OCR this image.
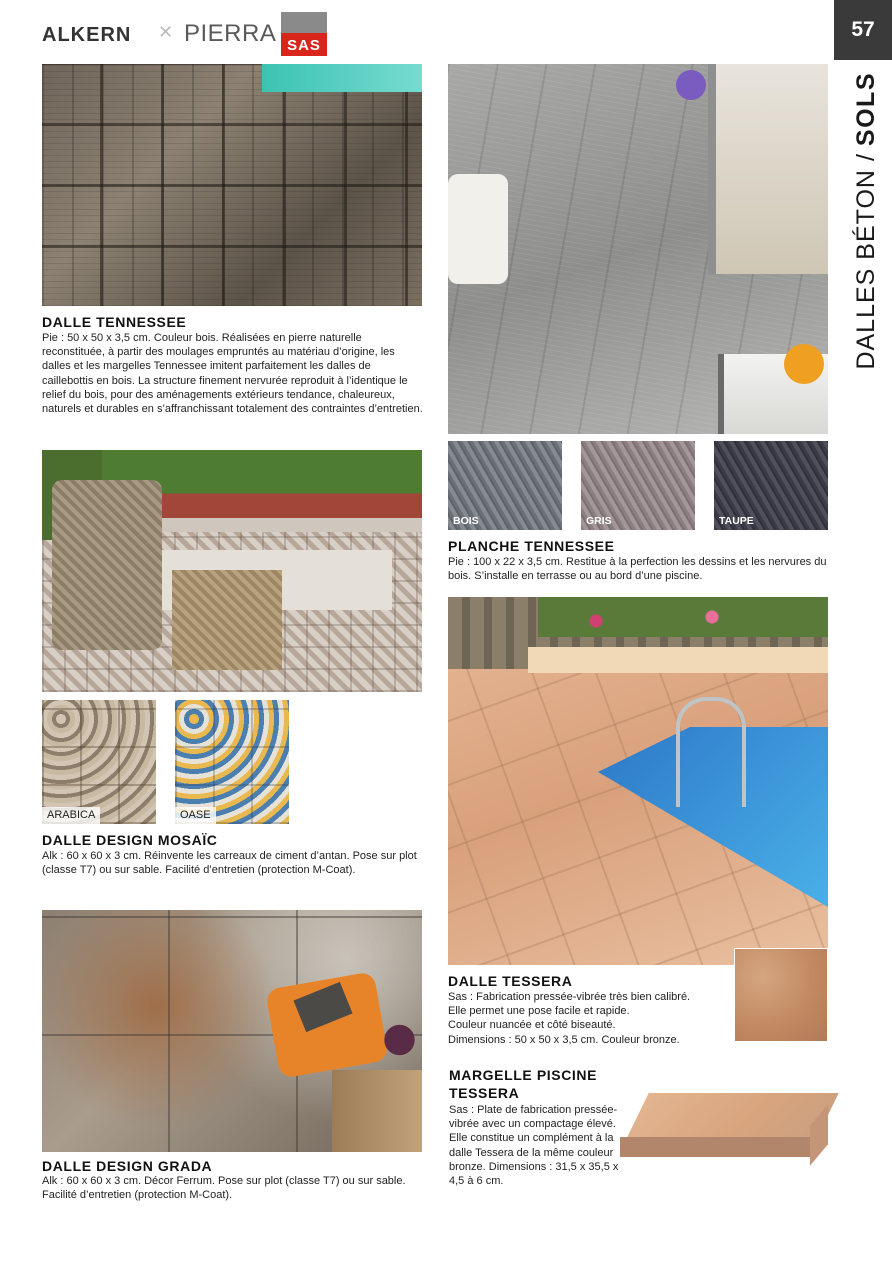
ALKERN ✕ PIERRA SAS
57
DALLES BÉTON
/
SOLS
DALLE TENNESSEE
Pie : 50 x 50 x 3,5 cm. Couleur bois. Réalisées en pierre naturelle reconstituée, à partir des moulages empruntés au matériau d’origine, les dalles et les margelles Tennessee imitent parfaitement les dalles de caillebottis en bois. La structure finement nervurée reproduit à l’identique le relief du bois, pour des aménagements extérieurs tendance, chaleureux, naturels et durables en s’affranchissant totalement des contraintes d’entretien.
ARABICA	OASE
DALLE DESIGN MOSAÏC
Alk : 60 x 60 x 3 cm. Réinvente les carreaux de ciment d’antan. Pose sur plot (classe T7) ou sur sable. Facilité d’entretien (protection M-Coat).
DALLE DESIGN GRADA
Alk : 60 x 60 x 3 cm. Décor Ferrum. Pose sur plot (classe T7) ou sur sable. Facilité d’entretien (protection M-Coat).
BOIS	GRIS	TAUPE
PLANCHE TENNESSEE
Pie : 100 x 22 x 3,5 cm. Restitue à la perfection les dessins et les nervures du bois. S’installe en terrasse ou au bord d’une piscine.
DALLE TESSERA
Sas : Fabrication pressée-vibrée très bien calibré.
Elle permet une pose facile et rapide.
Couleur nuancée et côté biseauté.
Dimensions : 50 x 50 x 3,5 cm. Couleur bronze.
MARGELLE PISCINE
TESSERA
Sas : Plate de fabrication pressée-vibrée avec un compactage élevé. Elle constitue un complément à la dalle Tessera de la même couleur bronze. Dimensions : 31,5 x 35,5 x 4,5 à 6 cm.
